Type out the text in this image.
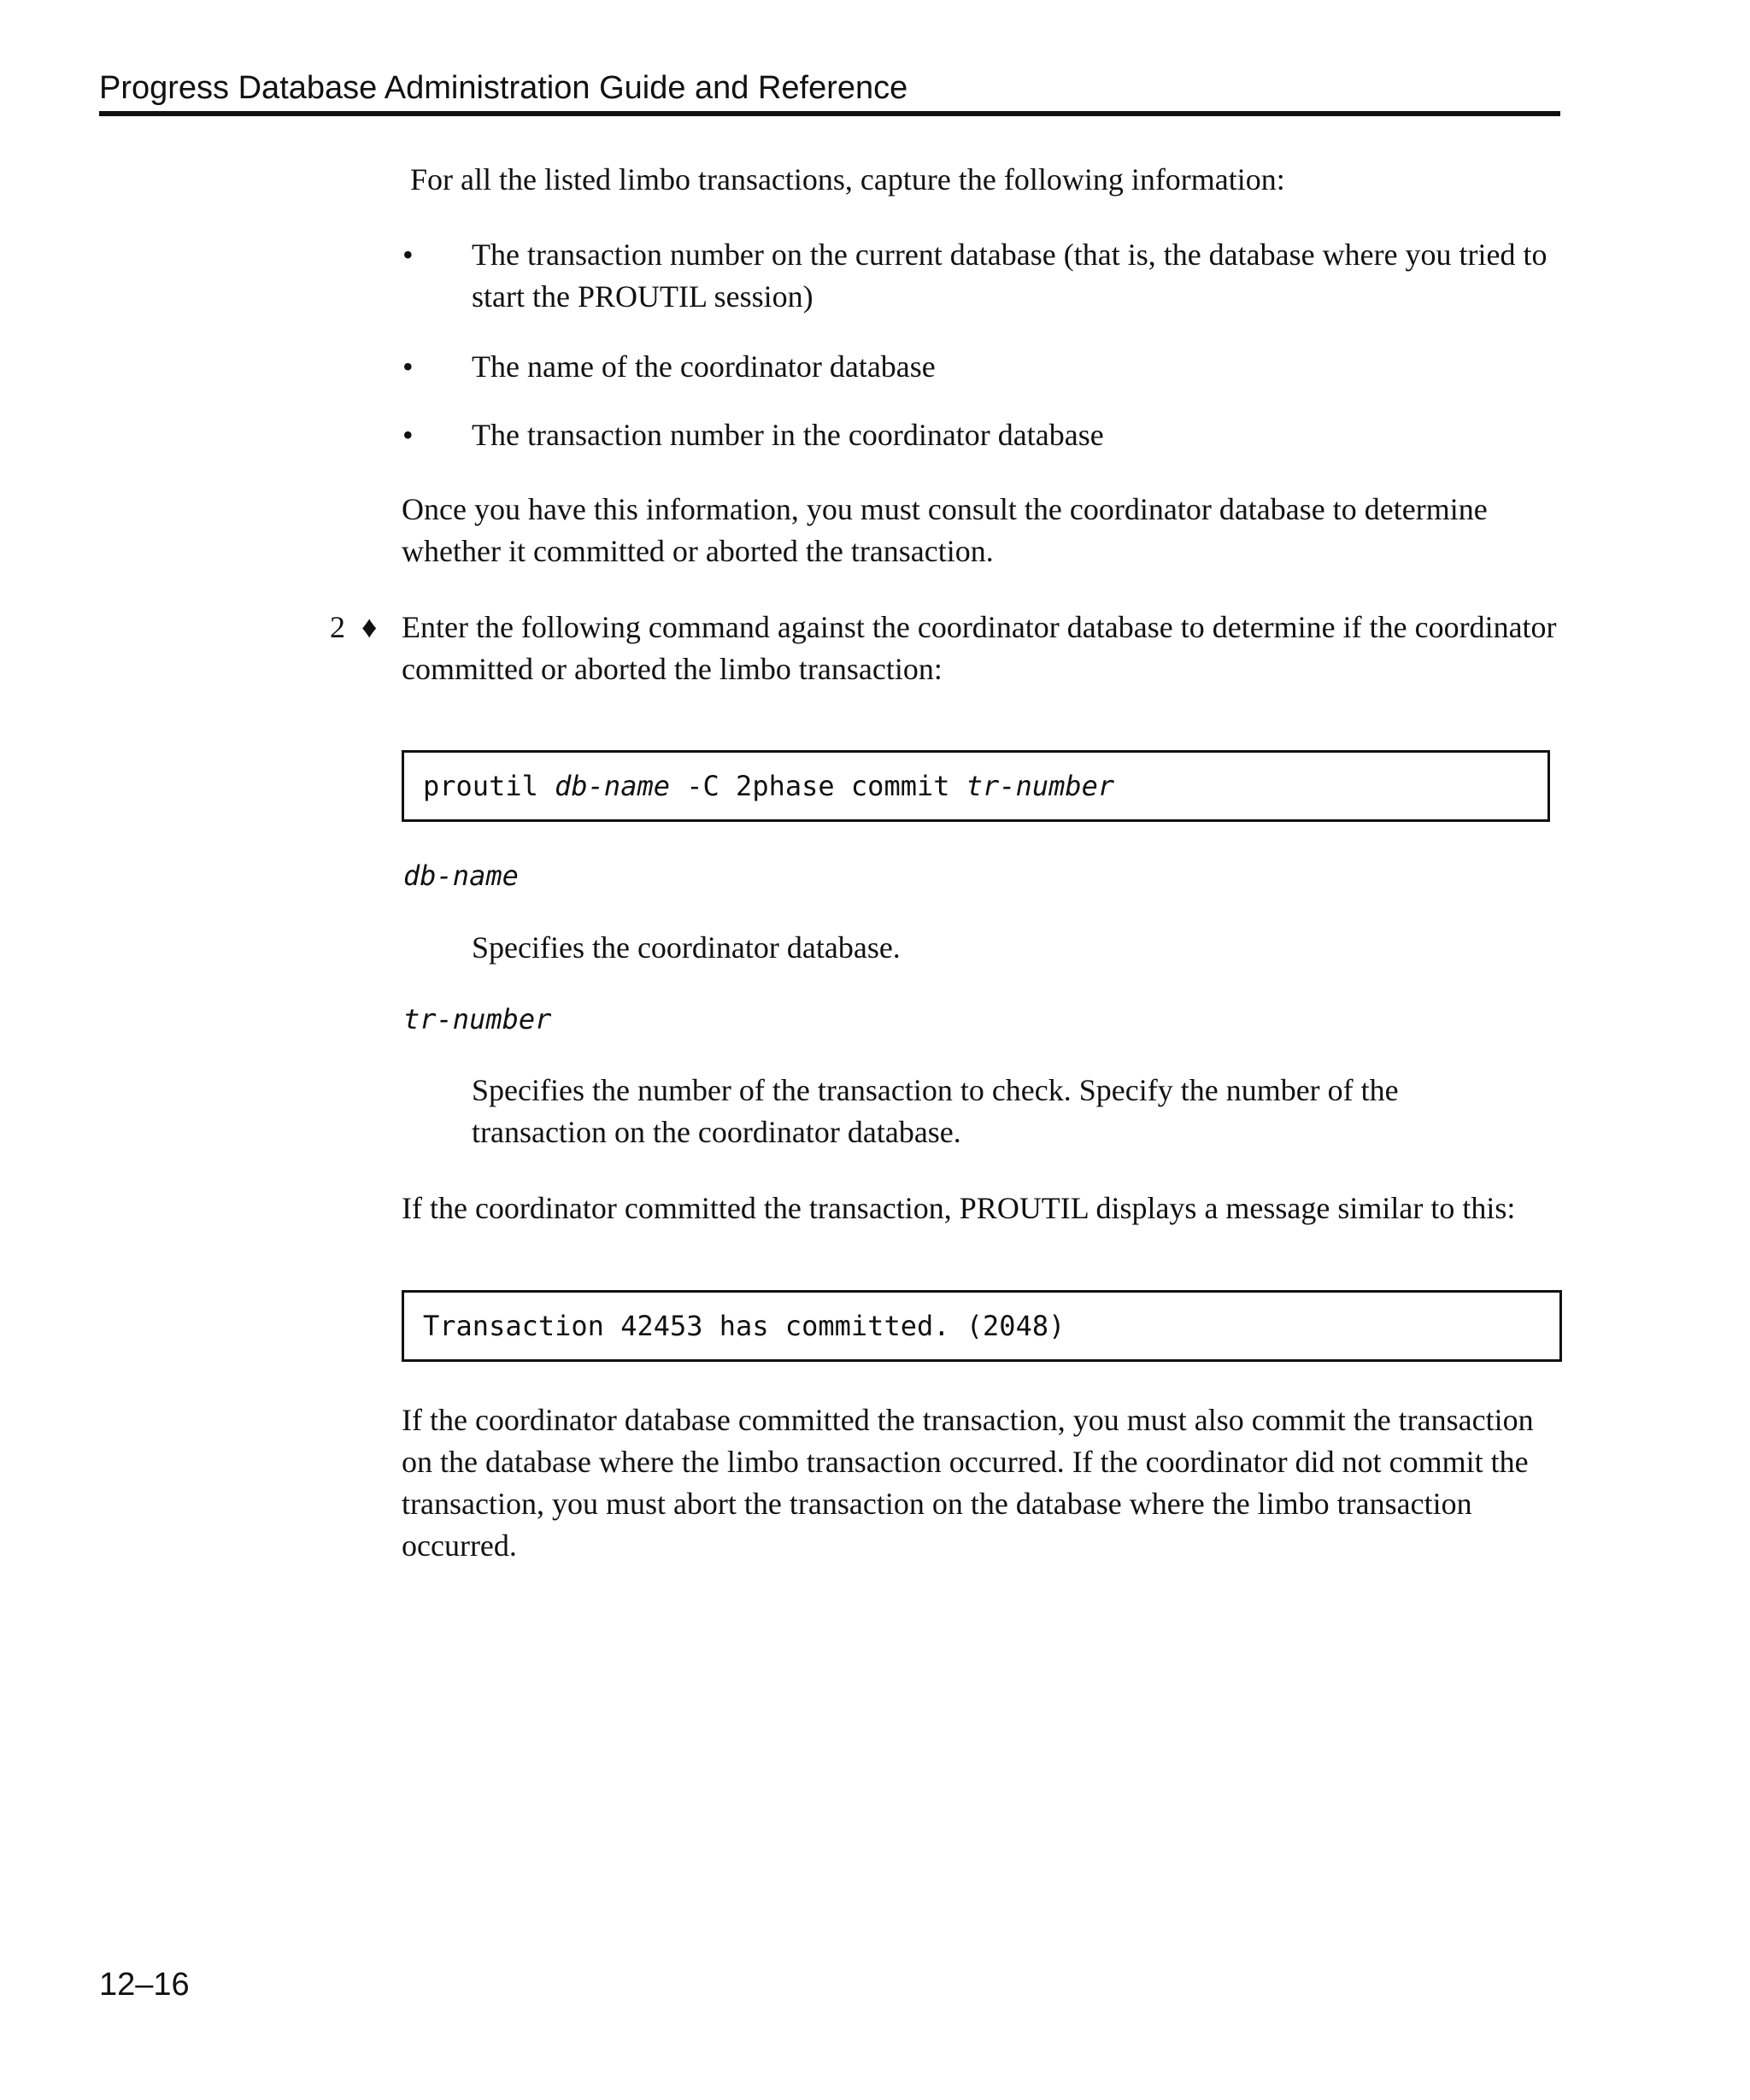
Progress Database Administration Guide and Reference
For all the listed limbo transactions, capture the following information:
• The transaction number on the current database (that is, the database where you tried to start the PROUTIL session)
• The name of the coordinator database
• The transaction number in the coordinator database
Once you have this information, you must consult the coordinator database to determine whether it committed or aborted the transaction.
2 ♦ Enter the following command against the coordinator database to determine if the coordinator committed or aborted the limbo transaction:
proutil db-name -C 2phase commit tr-number
db-name
Specifies the coordinator database.
tr-number
Specifies the number of the transaction to check. Specify the number of the transaction on the coordinator database.
If the coordinator committed the transaction, PROUTIL displays a message similar to this:
Transaction 42453 has committed. (2048)
If the coordinator database committed the transaction, you must also commit the transaction on the database where the limbo transaction occurred. If the coordinator did not commit the transaction, you must abort the transaction on the database where the limbo transaction occurred.
12–16
